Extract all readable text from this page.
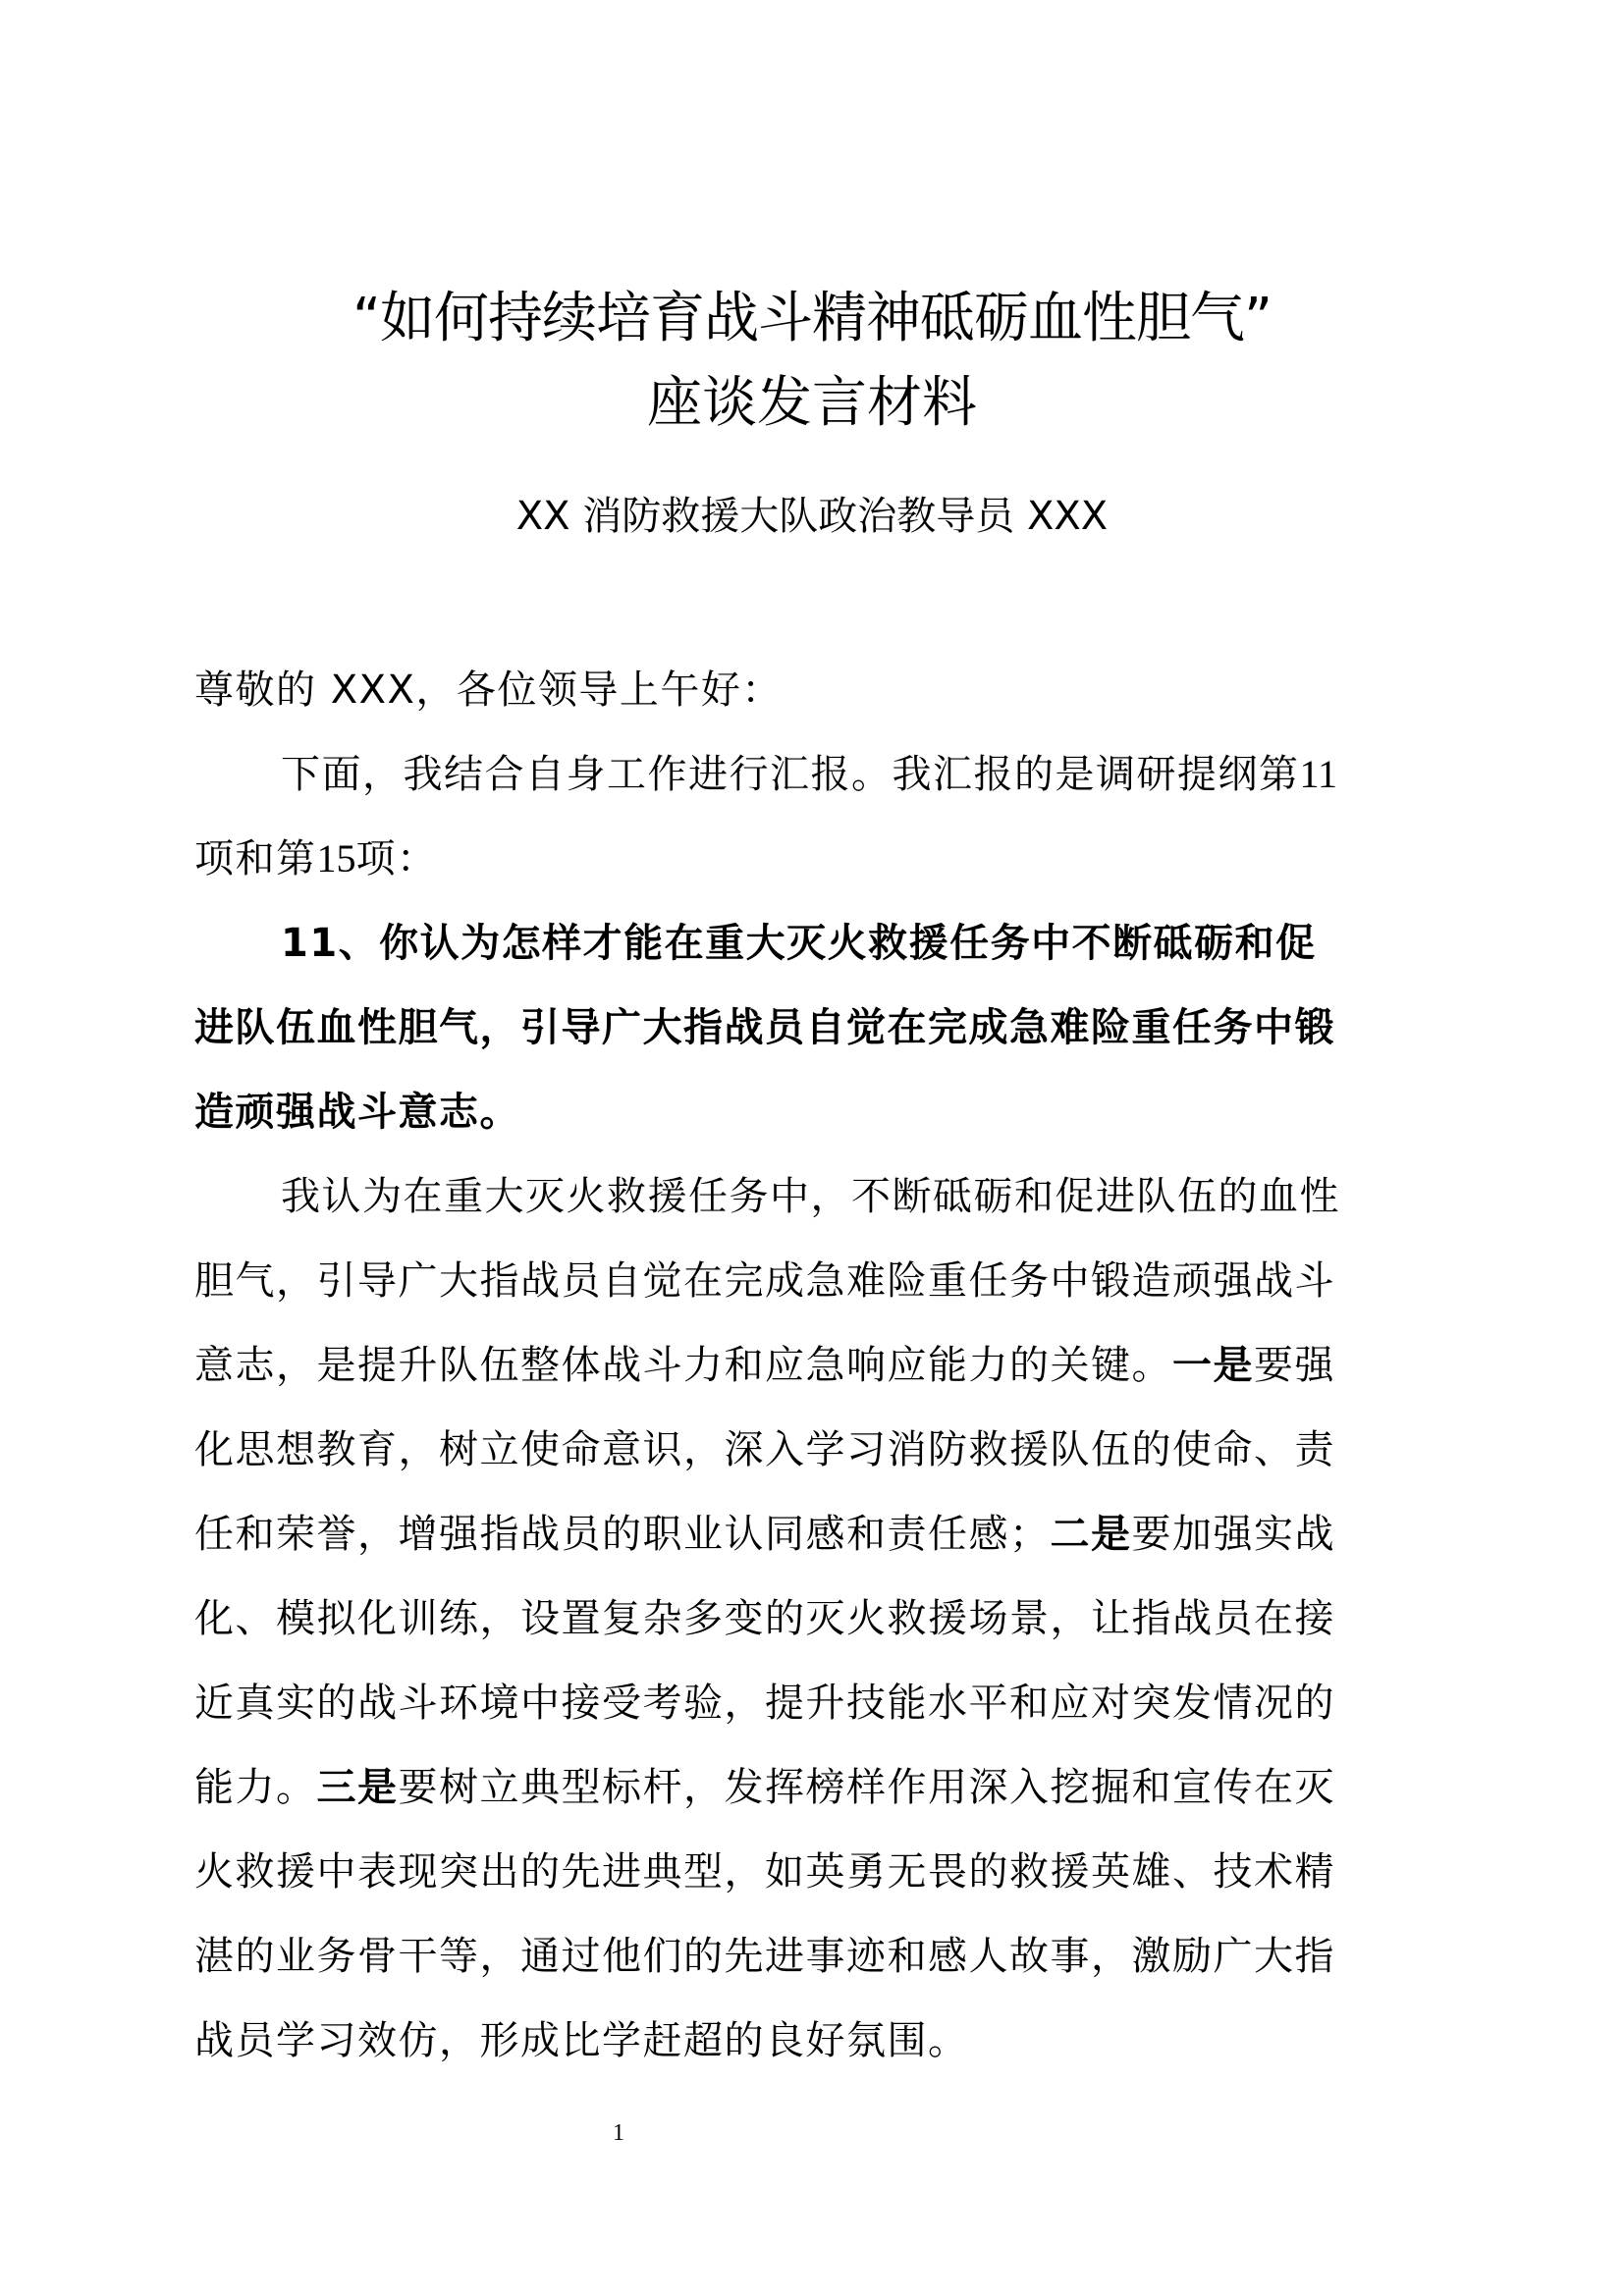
“如何持续培育战斗精神砥砺血性胆气”
座谈发言材料
XX 消防救援大队政治教导员 XXX
尊敬的 XXX，各位领导上午好：
下面，我结合自身工作进行汇报。我汇报的是调研提纲第11
项和第15项：
11、你认为怎样才能在重大灭火救援任务中不断砥砺和促
进队伍血性胆气，引导广大指战员自觉在完成急难险重任务中锻
造顽强战斗意志。
我认为在重大灭火救援任务中，不断砥砺和促进队伍的血性
胆气，引导广大指战员自觉在完成急难险重任务中锻造顽强战斗
意志，是提升队伍整体战斗力和应急响应能力的关键。一是要强
化思想教育，树立使命意识，深入学习消防救援队伍的使命、责
任和荣誉，增强指战员的职业认同感和责任感；二是要加强实战
化、模拟化训练，设置复杂多变的灭火救援场景，让指战员在接
近真实的战斗环境中接受考验，提升技能水平和应对突发情况的
能力。三是要树立典型标杆，发挥榜样作用深入挖掘和宣传在灭
火救援中表现突出的先进典型，如英勇无畏的救援英雄、技术精
湛的业务骨干等，通过他们的先进事迹和感人故事，激励广大指
战员学习效仿，形成比学赶超的良好氛围。
1
